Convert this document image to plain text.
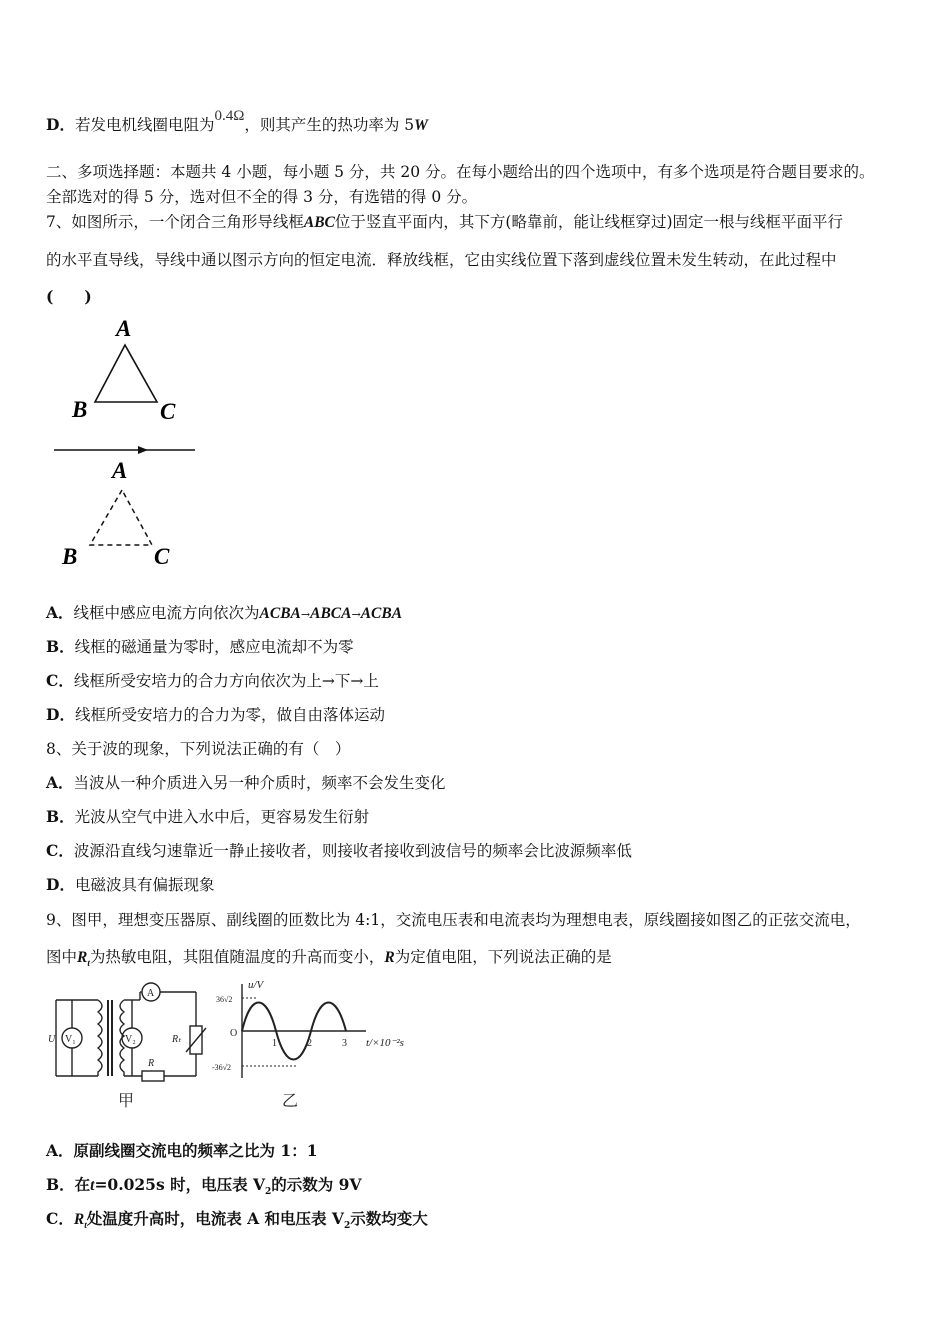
D．若发电机线圈电阻为0.4Ω，则其产生的热功率为 5W
二、多项选择题：本题共 4 小题，每小题 5 分，共 20 分。在每小题给出的四个选项中，有多个选项是符合题目要求的。
全部选对的得 5 分，选对但不全的得 3 分，有选错的得 0 分。
7、如图所示，一个闭合三角形导线框ABC位于竖直平面内，其下方(略靠前，能让线框穿过)固定一根与线框平面平行
的水平直导线，导线中通以图示方向的恒定电流．释放线框，它由实线位置下落到虚线位置未发生转动，在此过程中
(　　)
A
B	C
A
B	C
A．线框中感应电流方向依次为ACBA→ABCA→ACBA
B．线框的磁通量为零时，感应电流却不为零
C．线框所受安培力的合力方向依次为上→下→上
D．线框所受安培力的合力为零，做自由落体运动
8、关于波的现象，下列说法正确的有（　）
A．当波从一种介质进入另一种介质时，频率不会发生变化
B．光波从空气中进入水中后，更容易发生衍射
C．波源沿直线匀速靠近一静止接收者，则接收者接收到波信号的频率会比波源频率低
D．电磁波具有偏振现象
9、图甲，理想变压器原、副线圈的匝数比为 4:1，交流电压表和电流表均为理想电表，原线圈接如图乙的正弦交流电，
图中$R_t$为热敏电阻，其阻值随温度的升高而变小，R为定值电阻，下列说法正确的是
U V₁	V₂
A
Rₜ
R
甲
u/V
36√2
-36√2
O
1	2	3 t/×10⁻²s
乙
A．原副线圈交流电的频率之比为 1：1
B．在t=0.025s 时，电压表 $V_2$的示数为 9V
C．$R_t$处温度升高时，电流表 A 和电压表 $V_2$示数均变大
